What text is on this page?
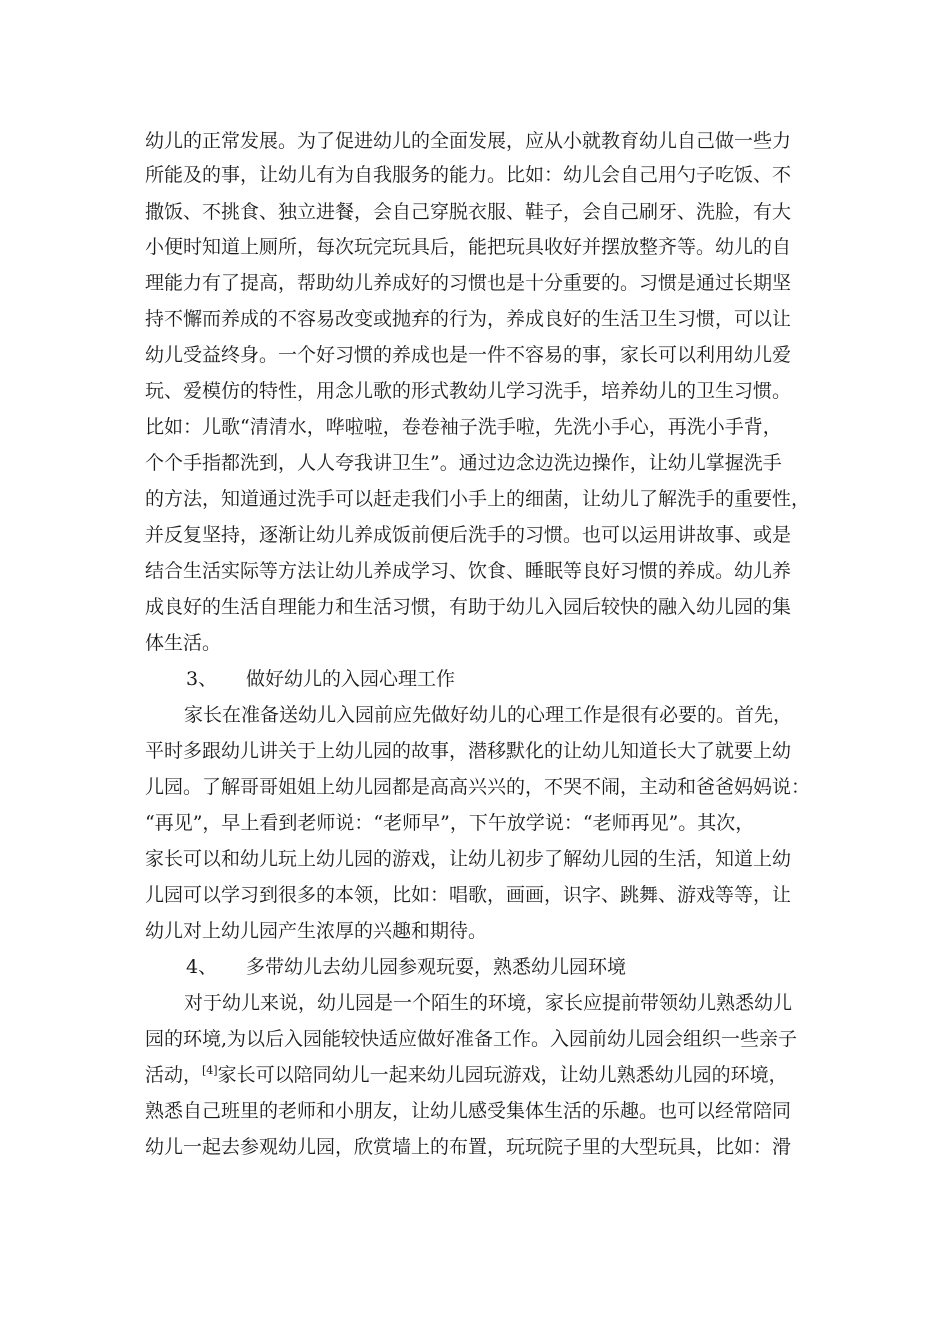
幼儿的正常发展。为了促进幼儿的全面发展，应从小就教育幼儿自己做一些力
所能及的事，让幼儿有为自我服务的能力。比如：幼儿会自己用勺子吃饭、不
撒饭、不挑食、独立进餐，会自己穿脱衣服、鞋子，会自己刷牙、洗脸，有大
小便时知道上厕所，每次玩完玩具后，能把玩具收好并摆放整齐等。幼儿的自
理能力有了提高，帮助幼儿养成好的习惯也是十分重要的。习惯是通过长期坚
持不懈而养成的不容易改变或抛弃的行为，养成良好的生活卫生习惯，可以让
幼儿受益终身。一个好习惯的养成也是一件不容易的事，家长可以利用幼儿爱
玩、爱模仿的特性，用念儿歌的形式教幼儿学习洗手，培养幼儿的卫生习惯。
比如：儿歌“清清水，哗啦啦，卷卷袖子洗手啦，先洗小手心，再洗小手背，
个个手指都洗到，人人夸我讲卫生”。通过边念边洗边操作，让幼儿掌握洗手
的方法，知道通过洗手可以赶走我们小手上的细菌，让幼儿了解洗手的重要性，
并反复坚持，逐渐让幼儿养成饭前便后洗手的习惯。也可以运用讲故事、或是
结合生活实际等方法让幼儿养成学习、饮食、睡眠等良好习惯的养成。幼儿养
成良好的生活自理能力和生活习惯，有助于幼儿入园后较快的融入幼儿园的集
体生活。
3、 做好幼儿的入园心理工作
家长在准备送幼儿入园前应先做好幼儿的心理工作是很有必要的。首先，
平时多跟幼儿讲关于上幼儿园的故事，潜移默化的让幼儿知道长大了就要上幼
儿园。了解哥哥姐姐上幼儿园都是高高兴兴的，不哭不闹，主动和爸爸妈妈说：
“再见”，早上看到老师说：“老师早”，下午放学说：“老师再见”。其次，
家长可以和幼儿玩上幼儿园的游戏，让幼儿初步了解幼儿园的生活，知道上幼
儿园可以学习到很多的本领，比如：唱歌，画画，识字、跳舞、游戏等等，让
幼儿对上幼儿园产生浓厚的兴趣和期待。
4、 多带幼儿去幼儿园参观玩耍，熟悉幼儿园环境
对于幼儿来说，幼儿园是一个陌生的环境，家长应提前带领幼儿熟悉幼儿
园的环境,为以后入园能较快适应做好准备工作。入园前幼儿园会组织一些亲子
活动，[4]家长可以陪同幼儿一起来幼儿园玩游戏，让幼儿熟悉幼儿园的环境，
熟悉自己班里的老师和小朋友，让幼儿感受集体生活的乐趣。也可以经常陪同
幼儿一起去参观幼儿园，欣赏墙上的布置，玩玩院子里的大型玩具，比如：滑
